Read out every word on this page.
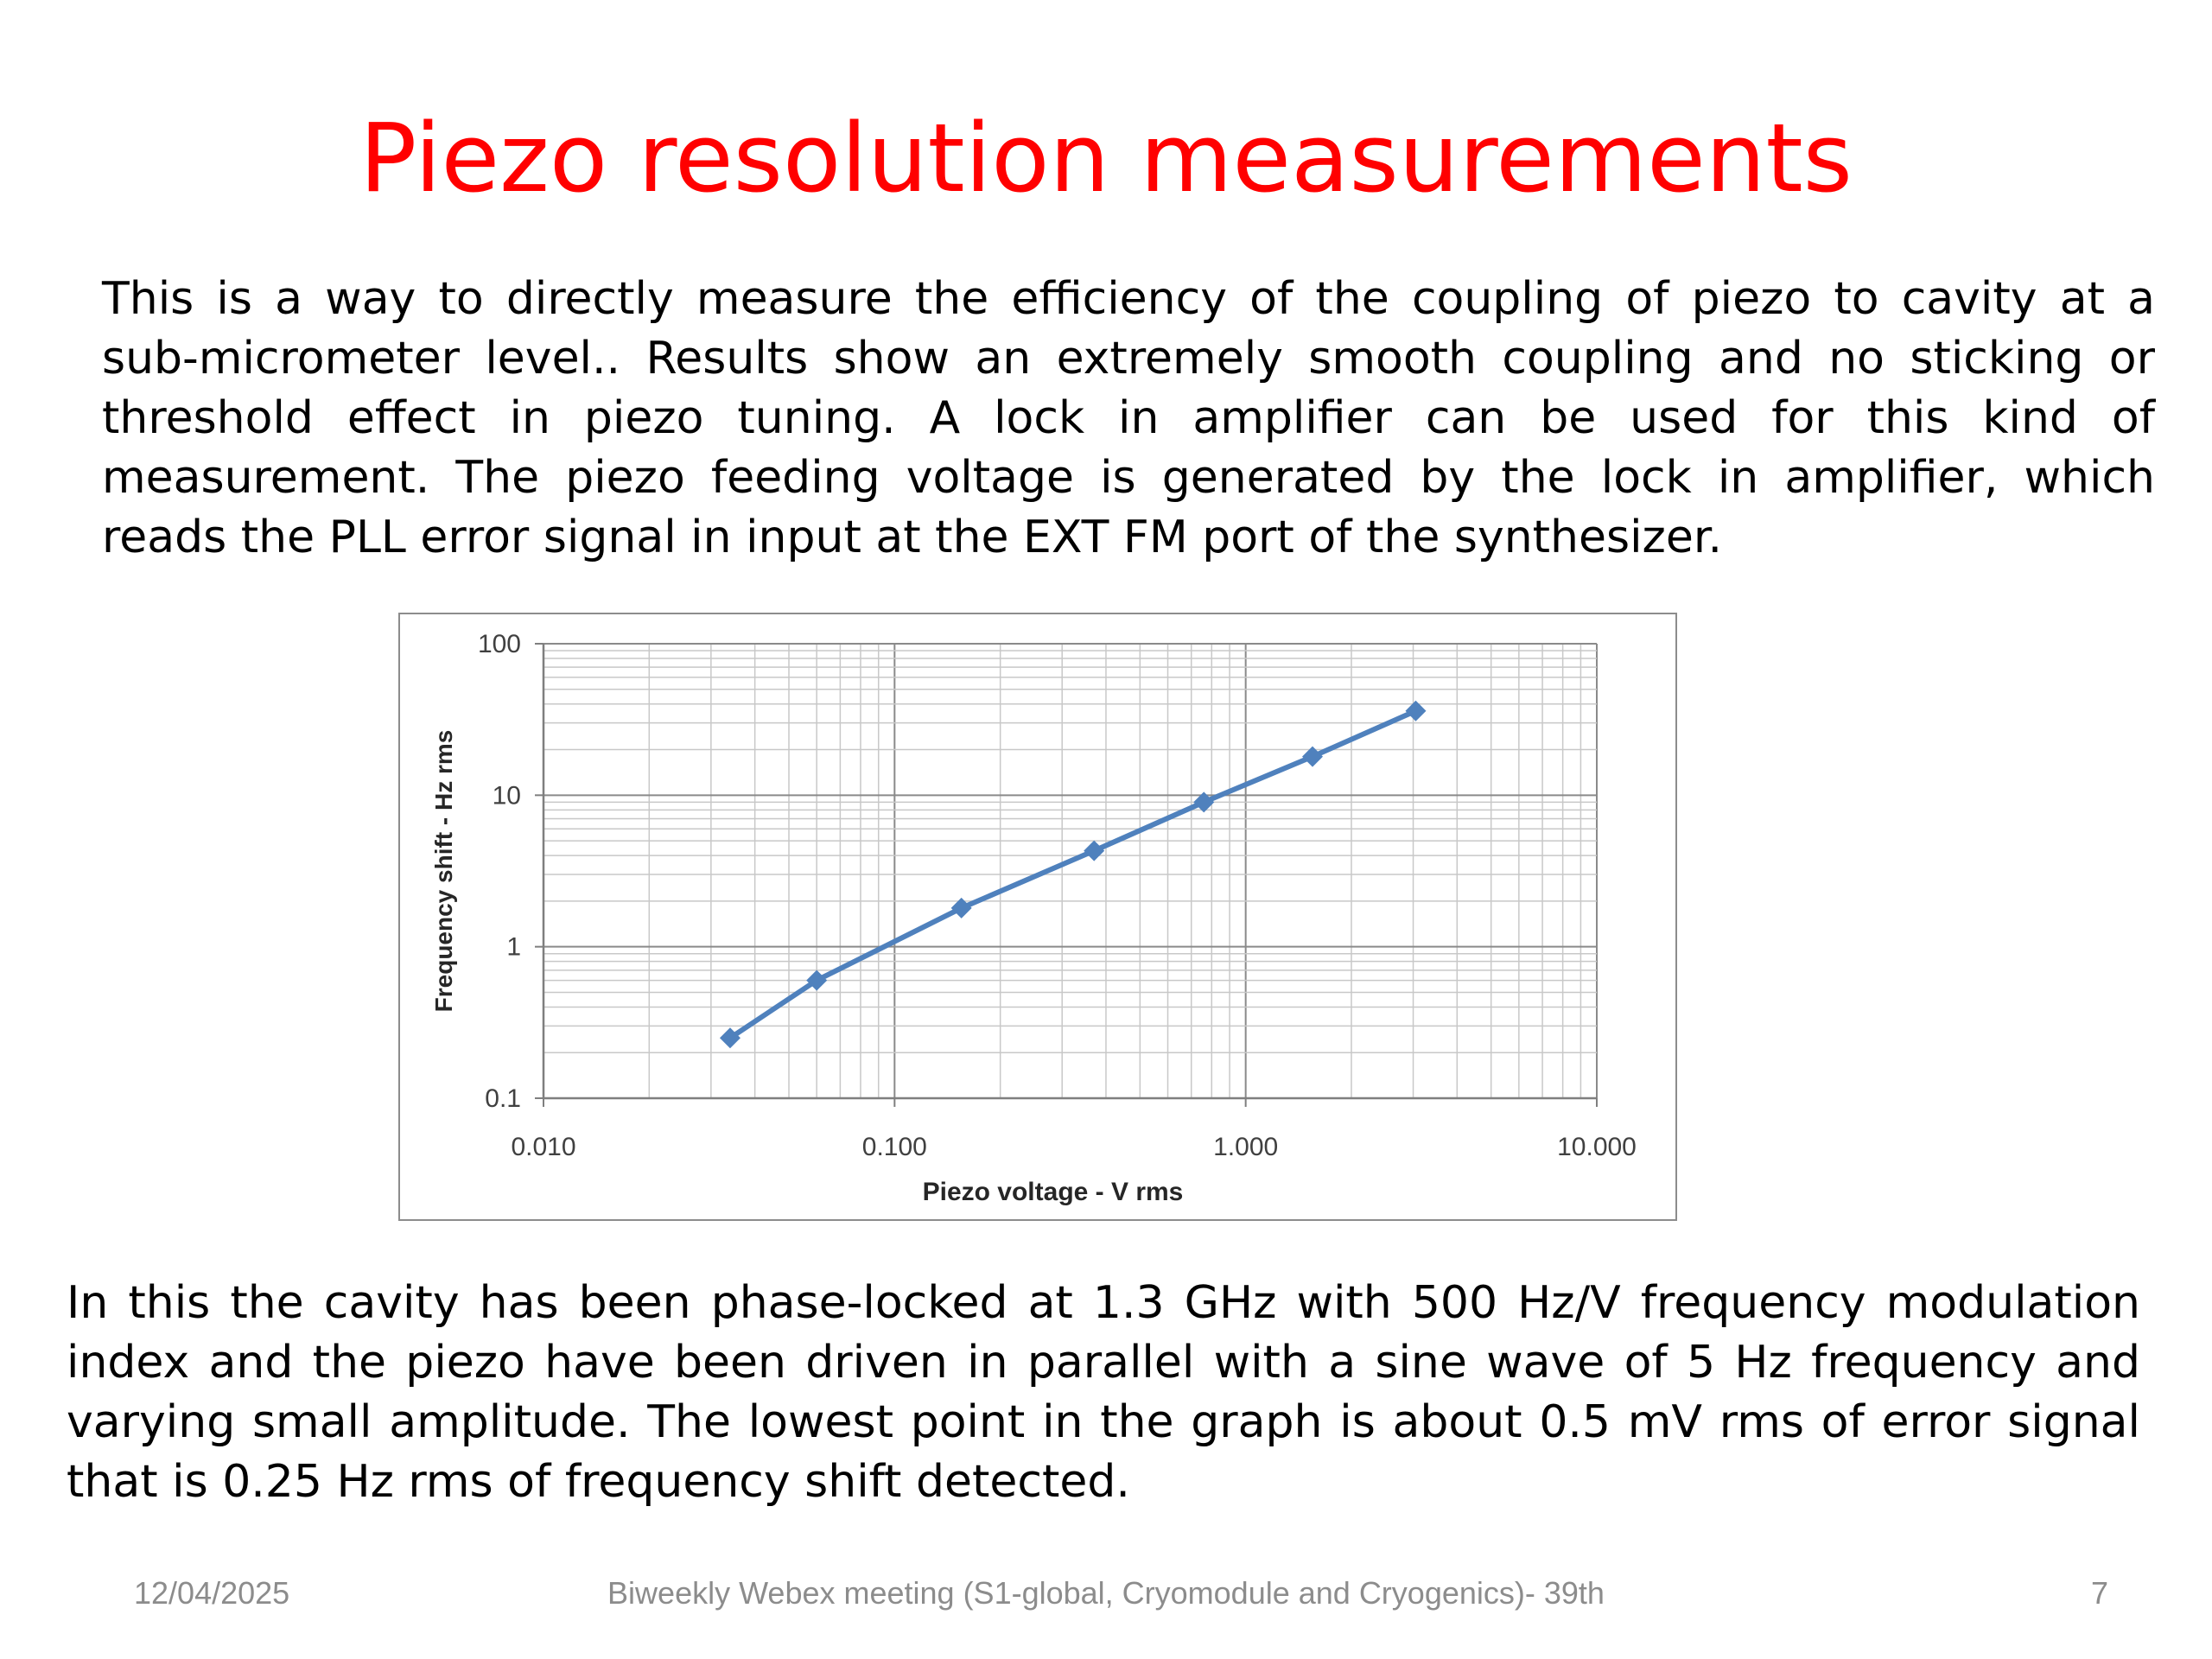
Piezo resolution measurements
This is a way to directly measure the efficiency of the coupling of piezo to cavity at a
sub-micrometer level.. Results show an extremely smooth coupling and no sticking or
threshold effect in piezo tuning. A lock in amplifier can be used for this kind of
measurement. The piezo feeding voltage is generated by the lock in amplifier, which
reads the PLL error signal in input at the EXT FM port of the synthesizer.
0.010	0.100	1.000	10.000
0.1
1
10
100
Piezo voltage - V rms
Frequency shift - Hz rms
In this the cavity has been phase-locked at 1.3 GHz with 500 Hz/V frequency modulation
index and the piezo have been driven in parallel with a sine wave of 5 Hz frequency and
varying small amplitude. The lowest point in the graph is about 0.5 mV rms of error signal
that is 0.25 Hz rms of frequency shift detected.
12/04/2025	Biweekly Webex meeting (S1-global, Cryomodule and Cryogenics)- 39th	7
